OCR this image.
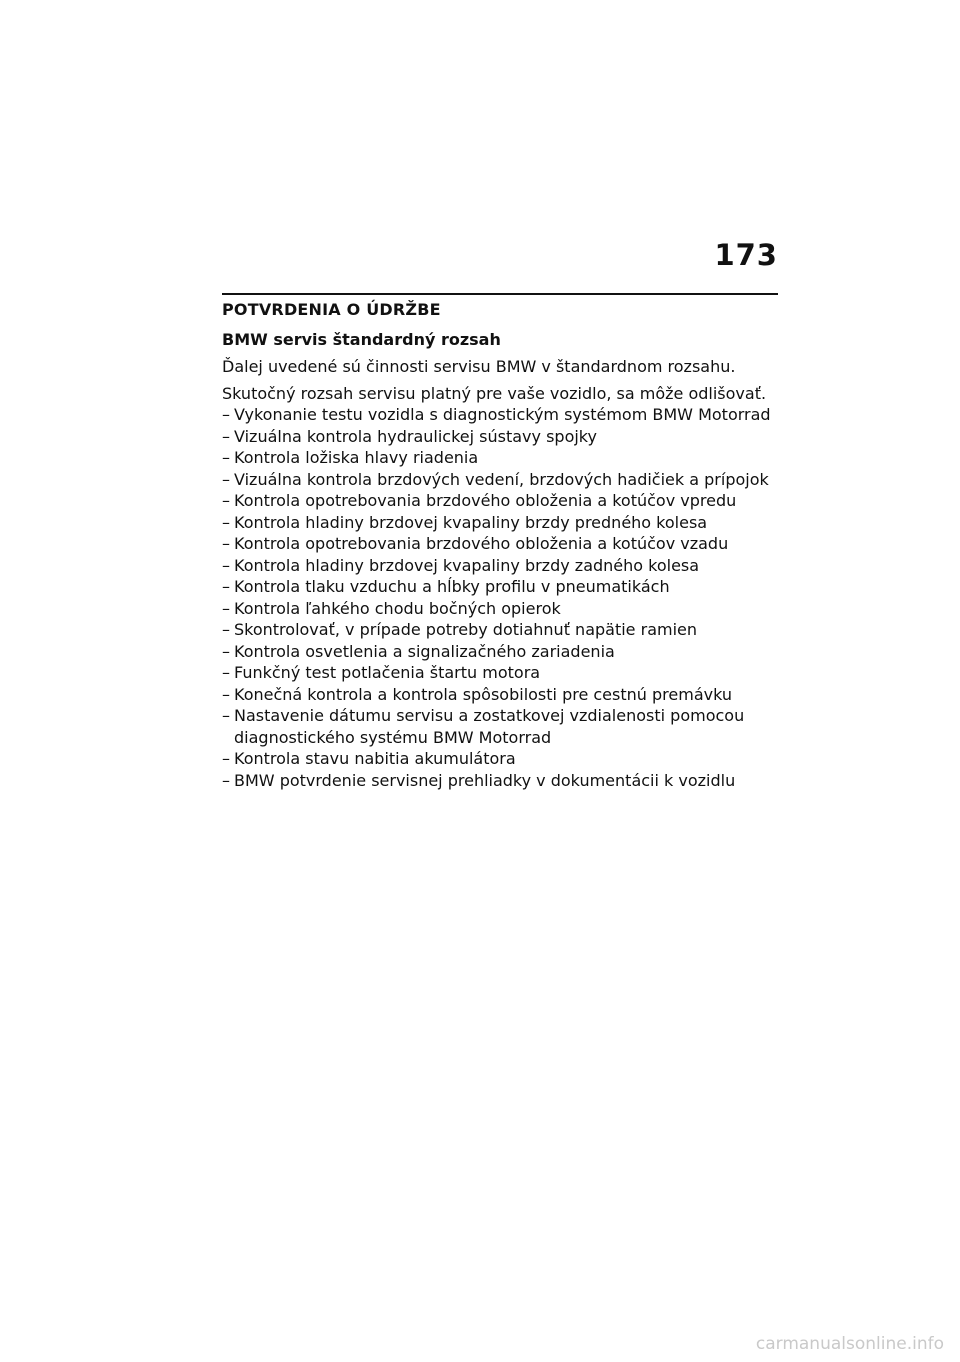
173
POTVRDENIA O ÚDRŽBE
BMW servis štandardný rozsah

Ďalej uvedené sú činnosti servisu BMW v štandardnom rozsahu.

Skutočný rozsah servisu platný pre vaše vozidlo, sa môže odlišovať.

– Vykonanie testu vozidla s diagnostickým systémom BMW Motorrad
– Vizuálna kontrola hydraulickej sústavy spojky
– Kontrola ložiska hlavy riadenia
– Vizuálna kontrola brzdových vedení, brzdových hadičiek a prípojok
– Kontrola opotrebovania brzdového obloženia a kotúčov vpredu
– Kontrola hladiny brzdovej kvapaliny brzdy predného kolesa
– Kontrola opotrebovania brzdového obloženia a kotúčov vzadu
– Kontrola hladiny brzdovej kvapaliny brzdy zadného kolesa
– Kontrola tlaku vzduchu a hĺbky profilu v pneumatikách
– Kontrola ľahkého chodu bočných opierok
– Skontrolovať, v prípade potreby dotiahnuť napätie ramien
– Kontrola osvetlenia a signalizačného zariadenia
– Funkčný test potlačenia štartu motora
– Konečná kontrola a kontrola spôsobilosti pre cestnú premávku
– Nastavenie dátumu servisu a zostatkovej vzdialenosti pomocou diagnostického systému BMW Motorrad
– Kontrola stavu nabitia akumulátora
– BMW potvrdenie servisnej prehliadky v dokumentácii k vozidlu
carmanualsonline.info
